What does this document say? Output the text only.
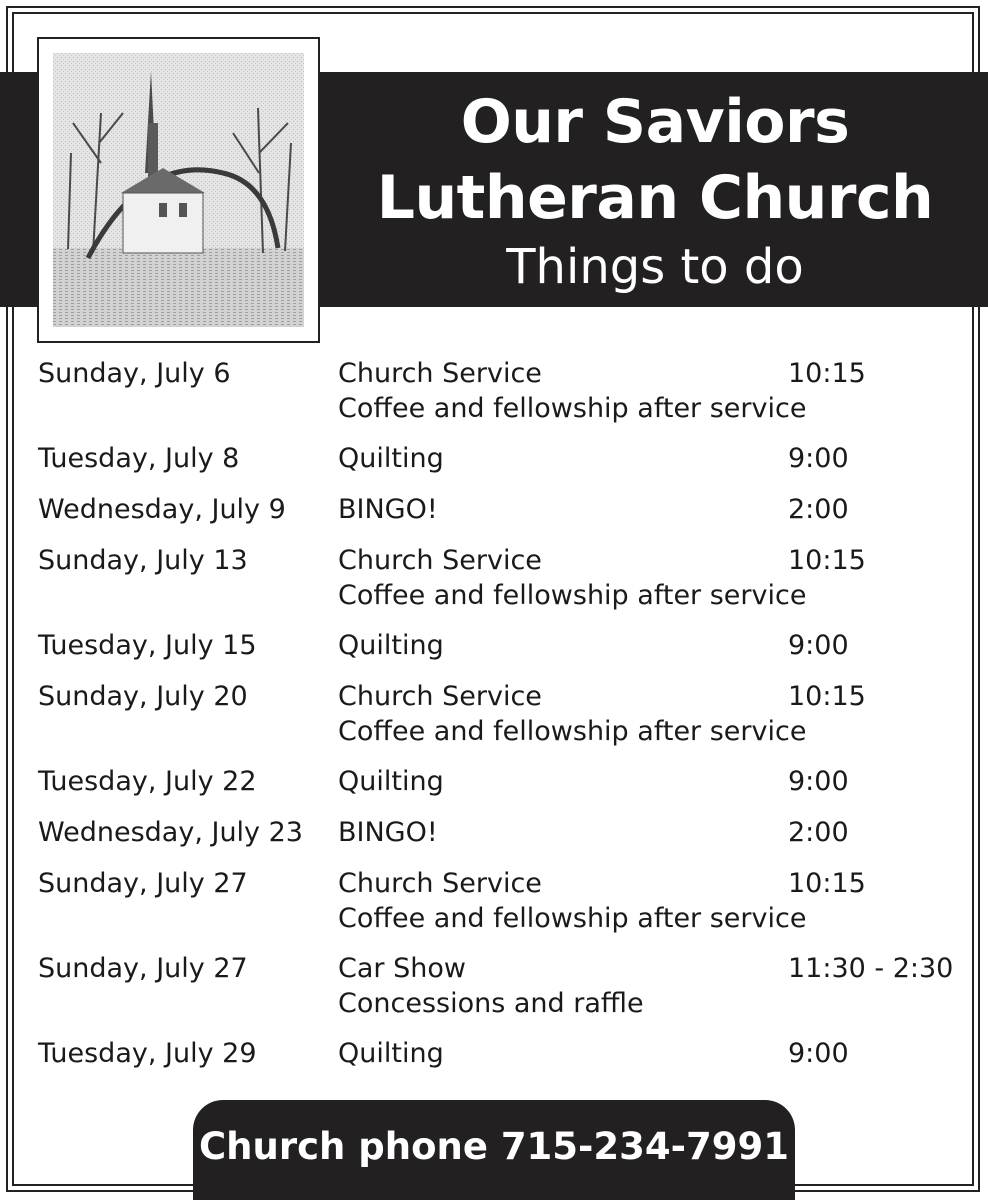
Our Saviors
Lutheran Church
Things to do
Sunday, July 6	Church Service	10:15
Coffee and fellowship after service
Tuesday, July 8	Quilting	9:00
Wednesday, July 9	BINGO!	2:00
Sunday, July 13	Church Service	10:15
Coffee and fellowship after service
Tuesday, July 15	Quilting	9:00
Sunday, July 20	Church Service	10:15
Coffee and fellowship after service
Tuesday, July 22	Quilting	9:00
Wednesday, July 23	BINGO!	2:00
Sunday, July 27	Church Service	10:15
Coffee and fellowship after service
Sunday, July 27	Car Show	11:30 - 2:30
Concessions and raffle
Tuesday, July 29	Quilting	9:00
Church phone 715-234-7991
